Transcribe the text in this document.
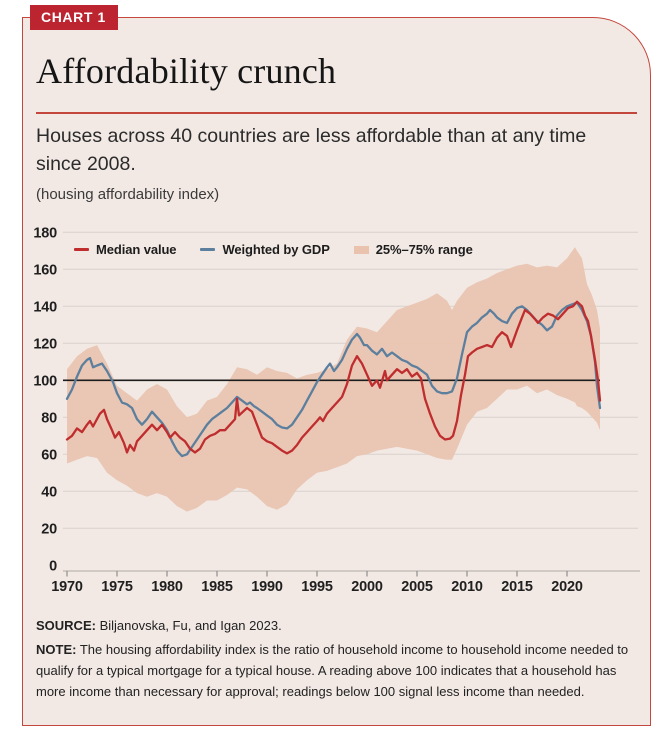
CHART 1
Affordability crunch
Houses across 40 countries are less affordable than at any time since 2008.
(housing affordability index)
0
20
40
60
80
100
120
140
160
180
1970 1975 1980 1985 1990 1995 2000 2005 2010 2015 2020
Median value	Weighted by GDP	25%–75% range
SOURCE: Biljanovska, Fu, and Igan 2023.
NOTE: The housing affordability index is the ratio of household income to household income needed to qualify for a typical mortgage for a typical house. A reading above 100 indicates that a household has more income than necessary for approval; readings below 100 signal less income than needed.
